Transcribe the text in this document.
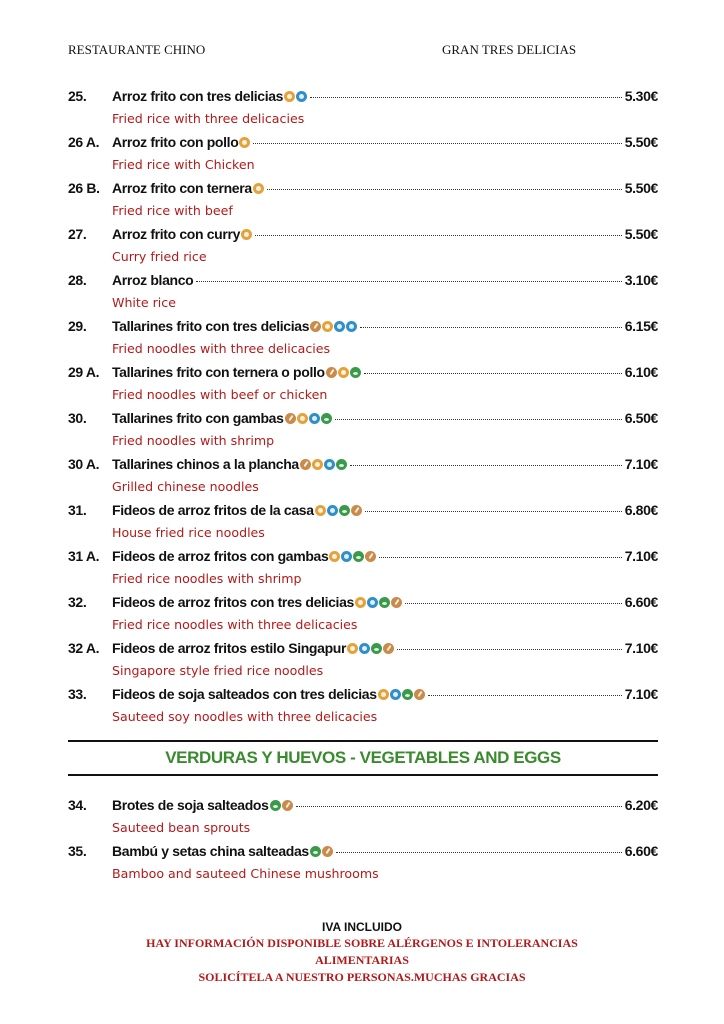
RESTAURANTE CHINO	GRAN TRES DELICIAS
25.	Arroz frito con tres delicias	5.30€
Fried rice with three delicacies
26 A. Arroz frito con pollo	5.50€
Fried rice with Chicken
26 B. Arroz frito con ternera	5.50€
Fried rice with beef
27.	Arroz frito con curry	5.50€
Curry fried rice
28.	Arroz blanco	3.10€
White rice
29.	Tallarines frito con tres delicias	6.15€
Fried noodles with three delicacies
29 A. Tallarines frito con ternera o pollo	6.10€
Fried noodles with beef or chicken
30.	Tallarines frito con gambas	6.50€
Fried noodles with shrimp
30 A. Tallarines chinos a la plancha	7.10€
Grilled chinese noodles
31.	Fideos de arroz fritos de la casa	6.80€
House fried rice noodles
31 A. Fideos de arroz fritos con gambas	7.10€
Fried rice noodles with shrimp
32.	Fideos de arroz fritos con tres delicias	6.60€
Fried rice noodles with three delicacies
32 A. Fideos de arroz fritos estilo Singapur	7.10€
Singapore style fried rice noodles
33.	Fideos de soja salteados con tres delicias	7.10€
Sauteed soy noodles with three delicacies
VERDURAS Y HUEVOS - VEGETABLES AND EGGS
34.	Brotes de soja salteados	6.20€
Sauteed bean sprouts
35.	Bambú y setas china salteadas	6.60€
Bamboo and sauteed Chinese mushrooms
IVA INCLUIDO
HAY INFORMACIÓN DISPONIBLE SOBRE ALÉRGENOS E INTOLERANCIAS ALIMENTARIAS
SOLICÍTELA A NUESTRO PERSONAS.MUCHAS GRACIAS
